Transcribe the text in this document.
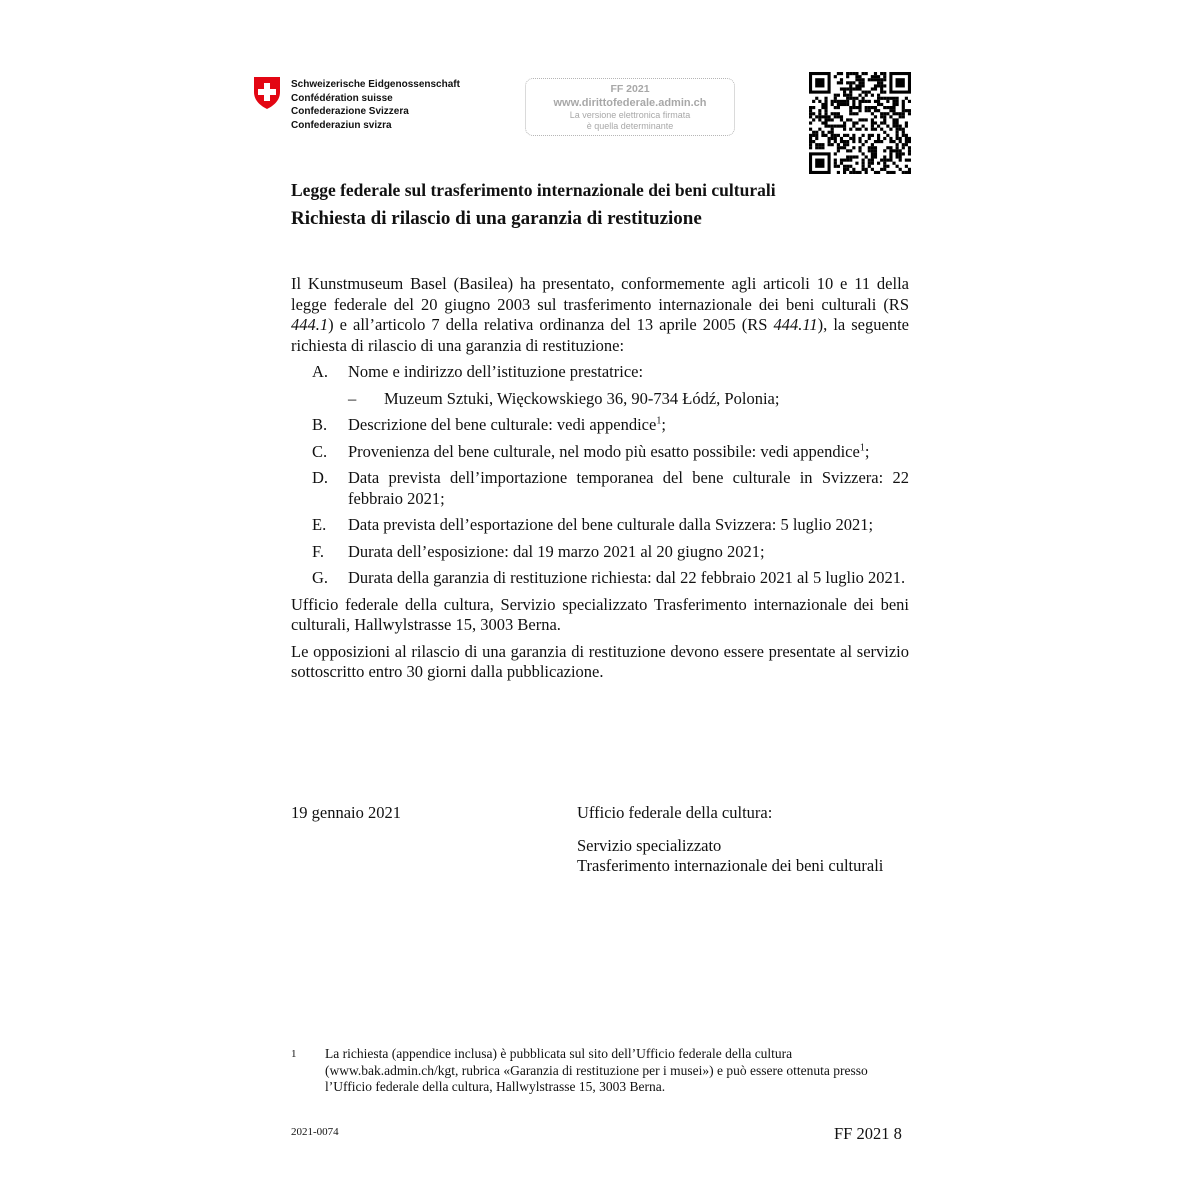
Schweizerische Eidgenossenschaft
Confédération suisse
Confederazione Svizzera
Confederaziun svizra
FF 2021
www.dirittofederale.admin.ch
La versione elettronica firmata
è quella determinante
Legge federale sul trasferimento internazionale dei beni culturali
Richiesta di rilascio di una garanzia di restituzione

Il Kunstmuseum Basel (Basilea) ha presentato, conformemente agli articoli 10 e 11 della legge federale del 20 giugno 2003 sul trasferimento internazionale dei beni culturali (RS 444.1) e all’articolo 7 della relativa ordinanza del 13 aprile 2005 (RS 444.11), la seguente richiesta di rilascio di una garanzia di restituzione:

A. Nome e indirizzo dell’istituzione prestatrice:
– Muzeum Sztuki, Więckowskiego 36, 90-734 Łódź, Polonia;
B. Descrizione del bene culturale: vedi appendice$^1$;
C. Provenienza del bene culturale, nel modo più esatto possibile: vedi appendice$^1$;
D. Data prevista dell’importazione temporanea del bene culturale in Svizzera: 22 febbraio 2021;
E. Data prevista dell’esportazione del bene culturale dalla Svizzera: 5 luglio 2021;
F. Durata dell’esposizione: dal 19 marzo 2021 al 20 giugno 2021;
G. Durata della garanzia di restituzione richiesta: dal 22 febbraio 2021 al 5 luglio 2021.

Ufficio federale della cultura, Servizio specializzato Trasferimento internazionale dei beni culturali, Hallwylstrasse 15, 3003 Berna.

Le opposizioni al rilascio di una garanzia di restituzione devono essere presentate al servizio sottoscritto entro 30 giorni dalla pubblicazione.

19 gennaio 2021	Ufficio federale della cultura:
Servizio specializzato
Trasferimento internazionale dei beni culturali
1	La richiesta (appendice inclusa) è pubblicata sul sito dell’Ufficio federale della cultura (www.bak.admin.ch/kgt, rubrica «Garanzia di restituzione per i musei») e può essere ottenuta presso l’Ufficio federale della cultura, Hallwylstrasse 15, 3003 Berna.
2021-0074	FF 2021 8
